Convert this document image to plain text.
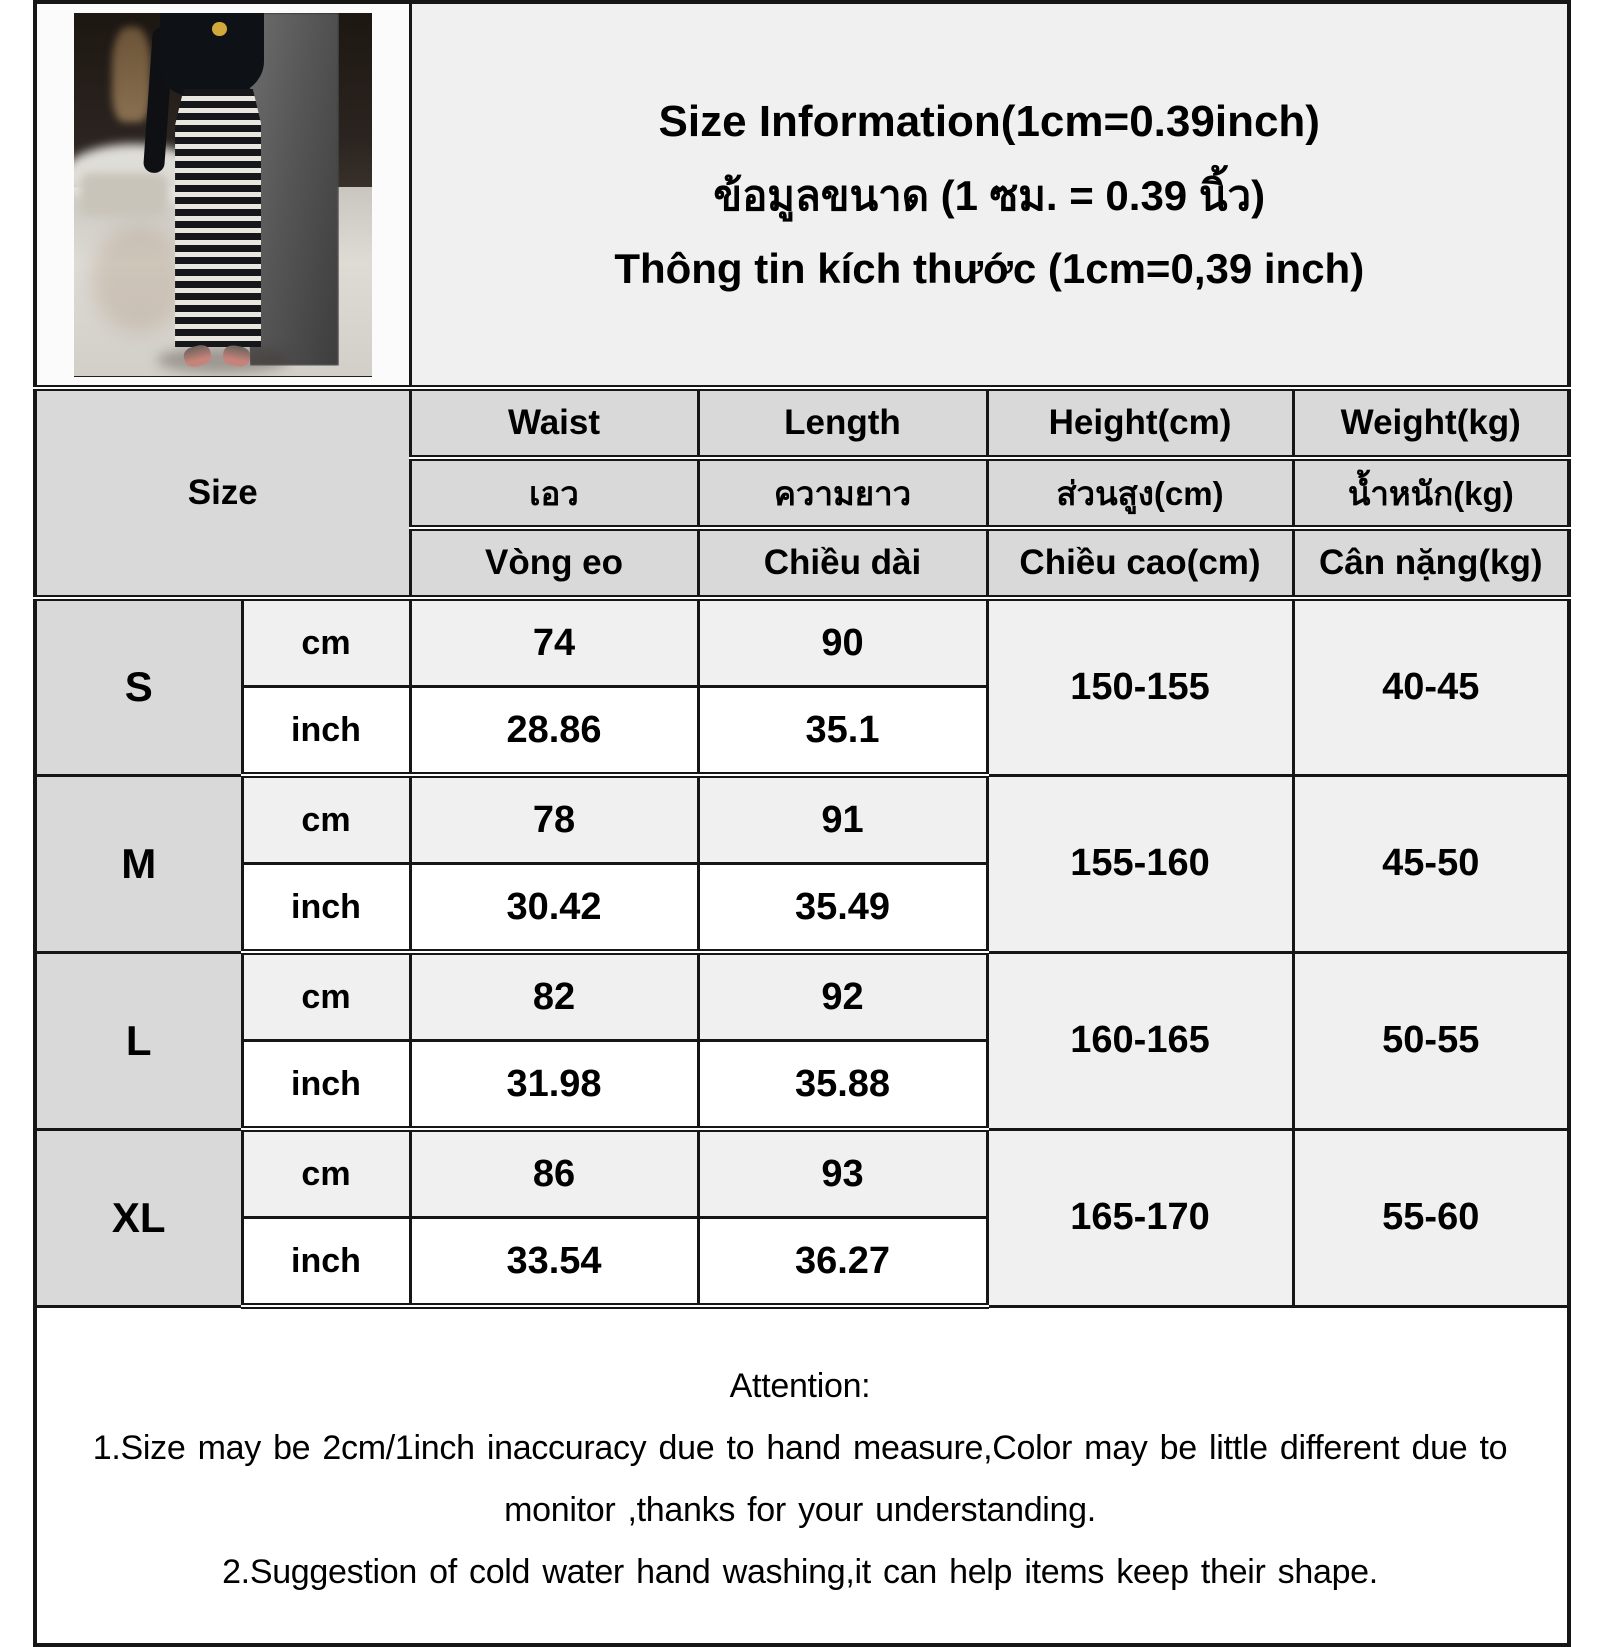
		Size Information(1cm=0.39inch)
ข้อมูลขนาด (1 ซม. = 0.39 นิ้ว)
Thông tin kích thước (1cm=0,39 inch)			

Size		Waist	Length	Height(cm)	Weight(kg)
		เอว	ความยาว	ส่วนสูง(cm)	น้ำหนัก(kg)
		Vòng eo	Chiều dài	Chiều cao(cm)	Cân nặng(kg)
S	cm	74	90	150-155	40-45
	inch	28.86	35.1		
M	cm	78	91	155-160	45-50
	inch	30.42	35.49		
L	cm	82	92	160-165	50-55
	inch	31.98	35.88		
XL	cm	86	93	165-170	55-60
	inch	33.54	36.27		

Attention:
1.Size may be 2cm/1inch inaccuracy due to hand measure,Color may be little different due to monitor ,thanks for your understanding.
2.Suggestion of cold water hand washing,it can help items keep their shape.					
